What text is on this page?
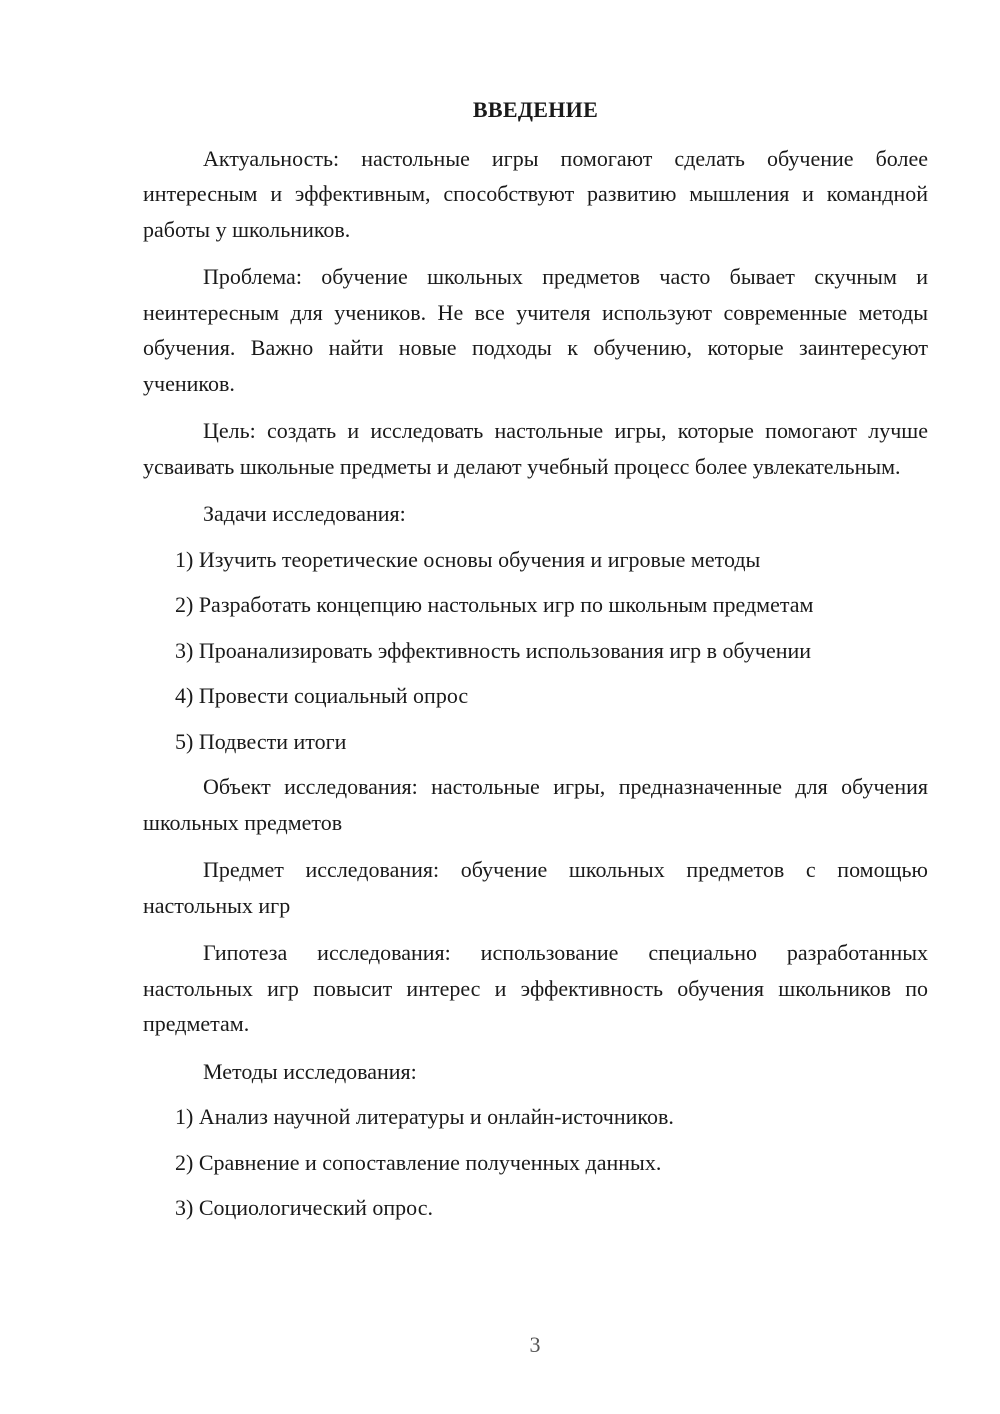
ВВЕДЕНИЕ

Актуальность: настольные игры помогают сделать обучение более интересным и эффективным, способствуют развитию мышления и командной работы у школьников.

Проблема: обучение школьных предметов часто бывает скучным и неинтересным для учеников. Не все учителя используют современные методы обучения. Важно найти новые подходы к обучению, которые заинтересуют учеников.

Цель: создать и исследовать настольные игры, которые помогают лучше усваивать школьные предметы и делают учебный процесс более увлекательным.

Задачи исследования:

1) Изучить теоретические основы обучения и игровые методы
2) Разработать концепцию настольных игр по школьным предметам
3) Проанализировать эффективность использования игр в обучении
4) Провести социальный опрос
5) Подвести итоги

Объект исследования: настольные игры, предназначенные для обучения школьных предметов

Предмет исследования: обучение школьных предметов с помощью настольных игр

Гипотеза исследования: использование специально разработанных настольных игр повысит интерес и эффективность обучения школьников по предметам.

Методы исследования:

1) Анализ научной литературы и онлайн-источников.
2) Сравнение и сопоставление полученных данных.
3) Социологический опрос.
3
